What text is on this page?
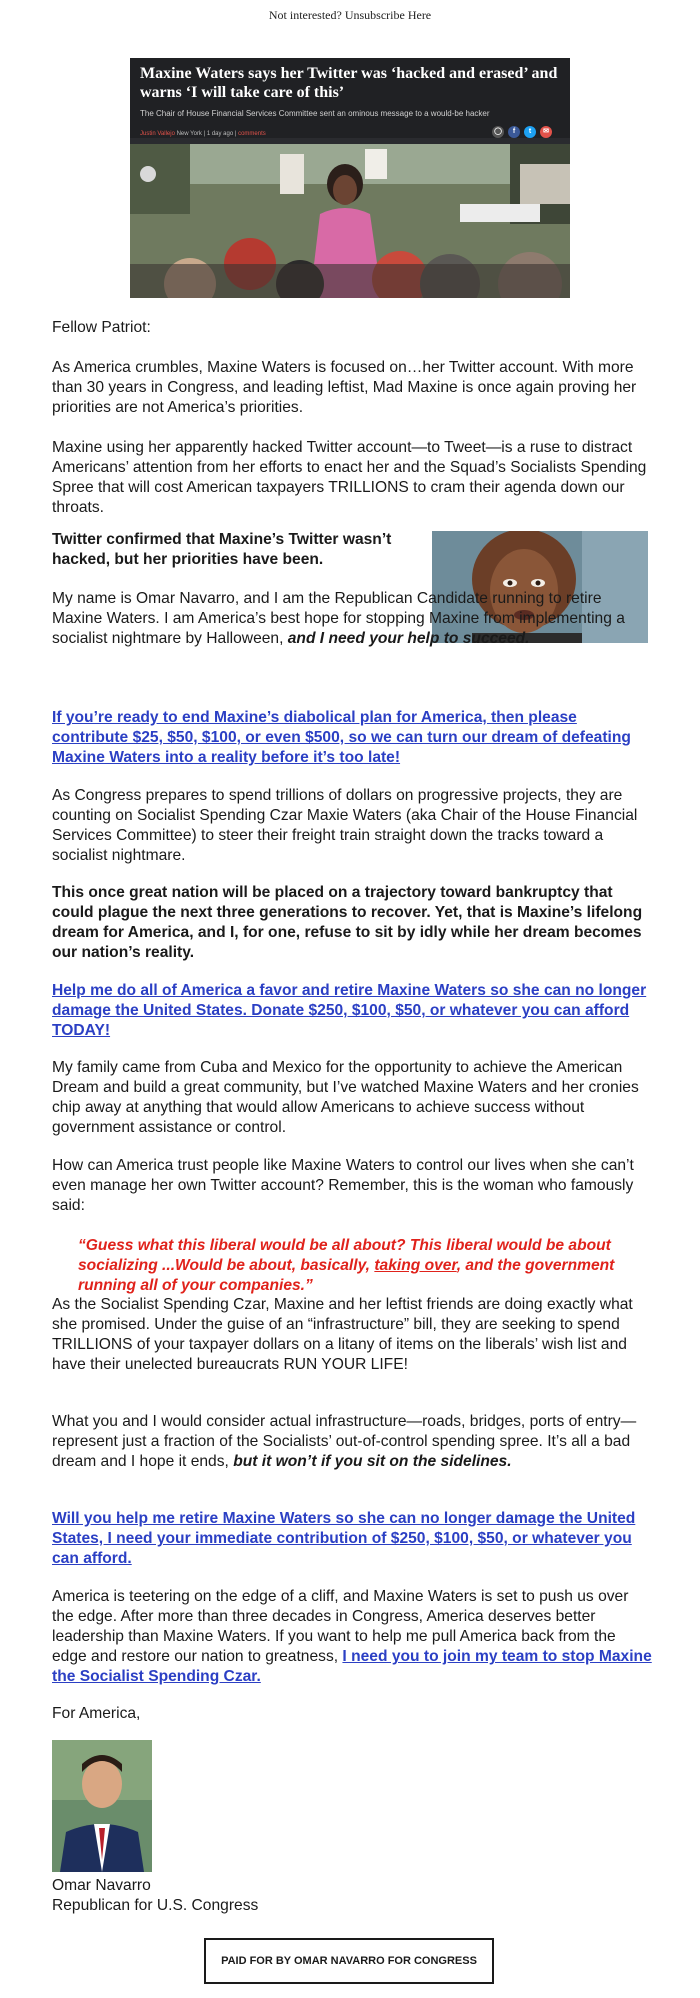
Not interested? Unsubscribe Here
Maxine Waters says her Twitter was ‘hacked and erased’ and warns ‘I will take care of this’
The Chair of House Financial Services Committee sent an ominous message to a would-be hacker
Justin Vallejo New York | 1 day ago | comments	◯	f	t	✉
Fellow Patriot:
As America crumbles, Maxine Waters is focused on…her Twitter account. With more than 30 years in Congress, and leading leftist, Mad Maxine is once again proving her priorities are not America’s priorities.
Maxine using her apparently hacked Twitter account—to Tweet—is a ruse to distract Americans’ attention from her efforts to enact her and the Squad’s Socialists Spending Spree that will cost American taxpayers TRILLIONS to cram their agenda down our throats.
Twitter confirmed that Maxine’s Twitter wasn’t hacked, but her priorities have been.
My name is Omar Navarro, and I am the Republican Candidate running to retire Maxine Waters. I am America’s best hope for stopping Maxine from implementing a socialist nightmare by Halloween, and I need your help to succeed.
If you’re ready to end Maxine’s diabolical plan for America, then please contribute $25, $50, $100, or even $500, so we can turn our dream of defeating Maxine Waters into a reality before it’s too late!
As Congress prepares to spend trillions of dollars on progressive projects, they are counting on Socialist Spending Czar Maxie Waters (aka Chair of the House Financial Services Committee) to steer their freight train straight down the tracks toward a socialist nightmare.
This once great nation will be placed on a trajectory toward bankruptcy that could plague the next three generations to recover. Yet, that is Maxine’s lifelong dream for America, and I, for one, refuse to sit by idly while her dream becomes our nation’s reality.
Help me do all of America a favor and retire Maxine Waters so she can no longer damage the United States. Donate $250, $100, $50, or whatever you can afford TODAY!
My family came from Cuba and Mexico for the opportunity to achieve the American Dream and build a great community, but I’ve watched Maxine Waters and her cronies chip away at anything that would allow Americans to achieve success without government assistance or control.
How can America trust people like Maxine Waters to control our lives when she can’t even manage her own Twitter account? Remember, this is the woman who famously said:
“Guess what this liberal would be all about? This liberal would be about socializing ...Would be about, basically, taking over, and the government running all of your companies.”
As the Socialist Spending Czar, Maxine and her leftist friends are doing exactly what she promised. Under the guise of an “infrastructure” bill, they are seeking to spend TRILLIONS of your taxpayer dollars on a litany of items on the liberals’ wish list and have their unelected bureaucrats RUN YOUR LIFE!
What you and I would consider actual infrastructure—roads, bridges, ports of entry—represent just a fraction of the Socialists’ out-of-control spending spree. It’s all a bad dream and I hope it ends, but it won’t if you sit on the sidelines.
Will you help me retire Maxine Waters so she can no longer damage the United States, I need your immediate contribution of $250, $100, $50, or whatever you can afford.
America is teetering on the edge of a cliff, and Maxine Waters is set to push us over the edge. After more than three decades in Congress, America deserves better leadership than Maxine Waters. If you want to help me pull America back from the edge and restore our nation to greatness, I need you to join my team to stop Maxine the Socialist Spending Czar.
For America,
Omar Navarro
Republican for U.S. Congress
PAID FOR BY OMAR NAVARRO FOR CONGRESS
